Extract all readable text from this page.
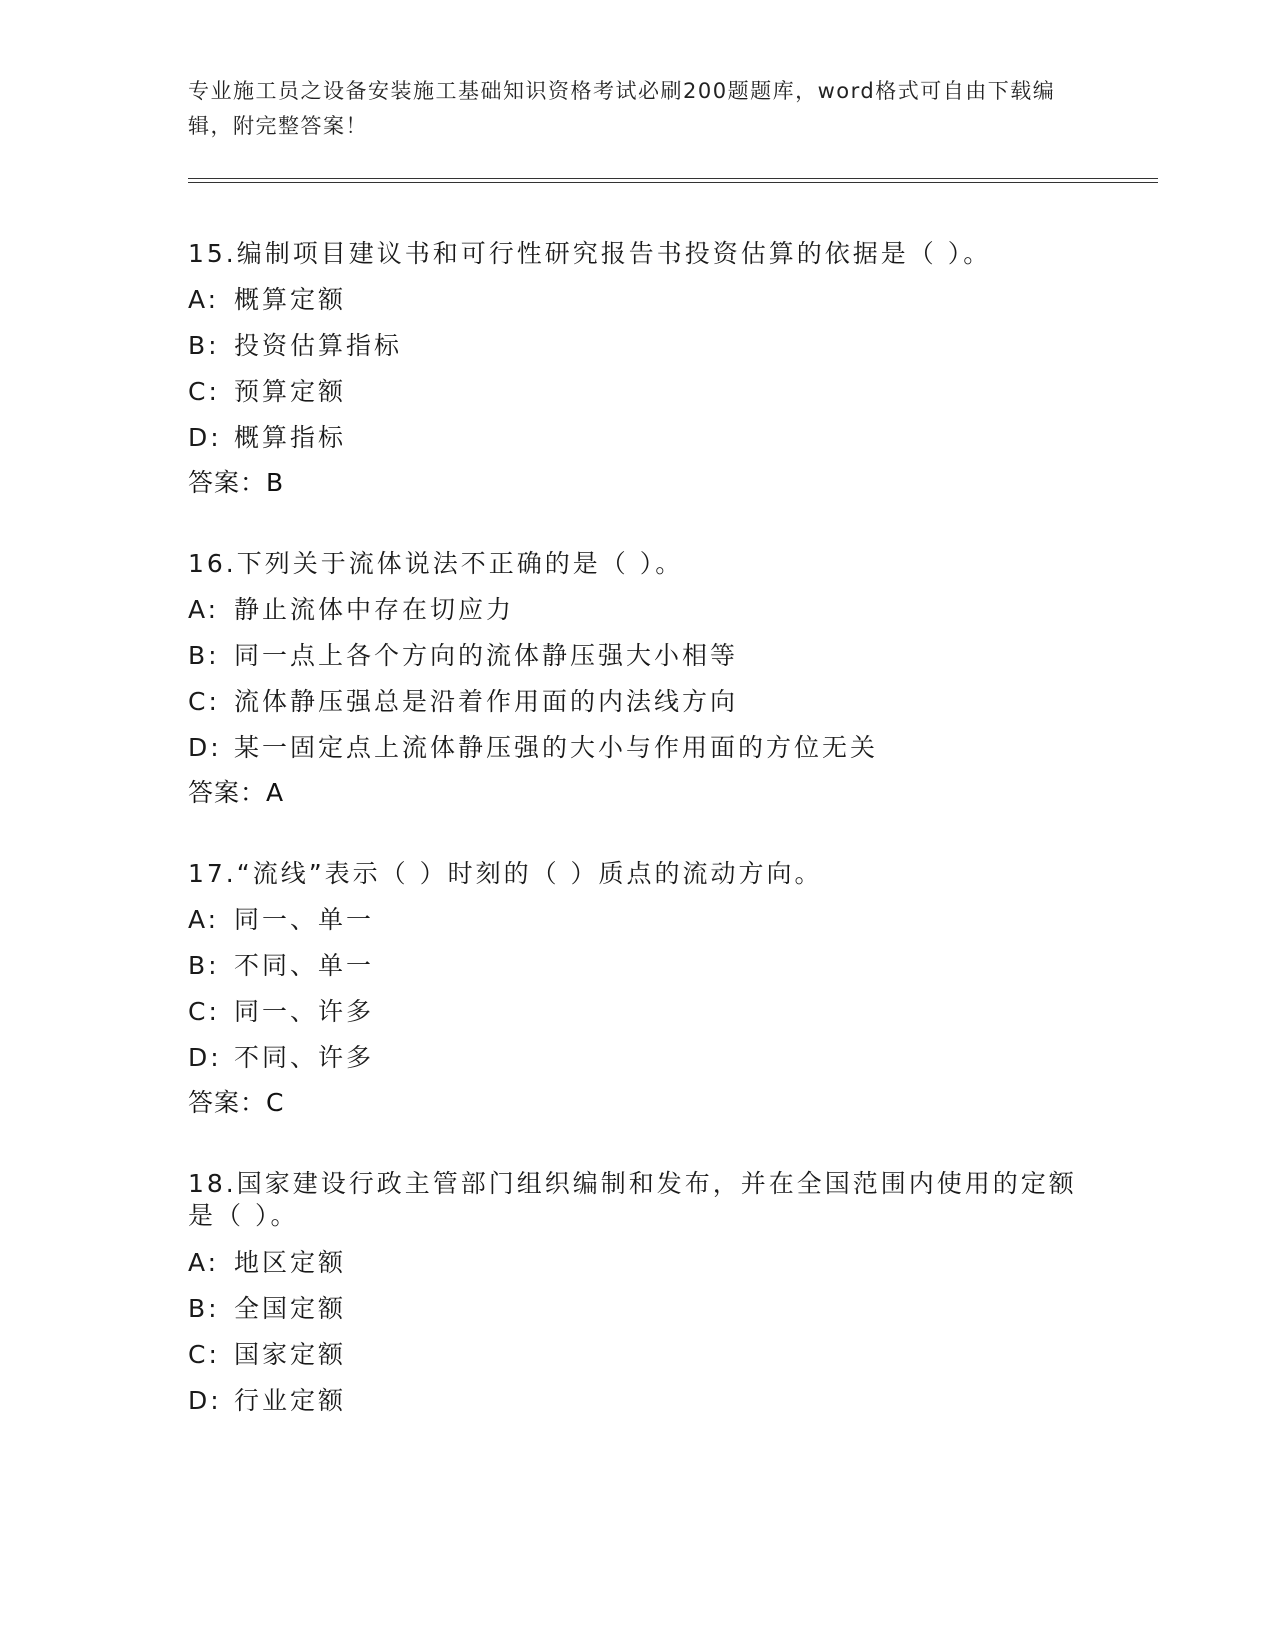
专业施工员之设备安装施工基础知识资格考试必刷200题题库，word格式可自由下载编辑，附完整答案！

15.编制项目建议书和可行性研究报告书投资估算的依据是（ ）。

A: 概算定额
B: 投资估算指标
C: 预算定额
D: 概算指标
答案：B

16.下列关于流体说法不正确的是（ ）。

A: 静止流体中存在切应力
B: 同一点上各个方向的流体静压强大小相等
C: 流体静压强总是沿着作用面的内法线方向
D: 某一固定点上流体静压强的大小与作用面的方位无关
答案：A

17.“流线”表示（ ）时刻的（ ）质点的流动方向。

A: 同一、单一
B: 不同、单一
C: 同一、许多
D: 不同、许多
答案：C

18.国家建设行政主管部门组织编制和发布，并在全国范围内使用的定额是（ ）。

A: 地区定额
B: 全国定额
C: 国家定额
D: 行业定额
